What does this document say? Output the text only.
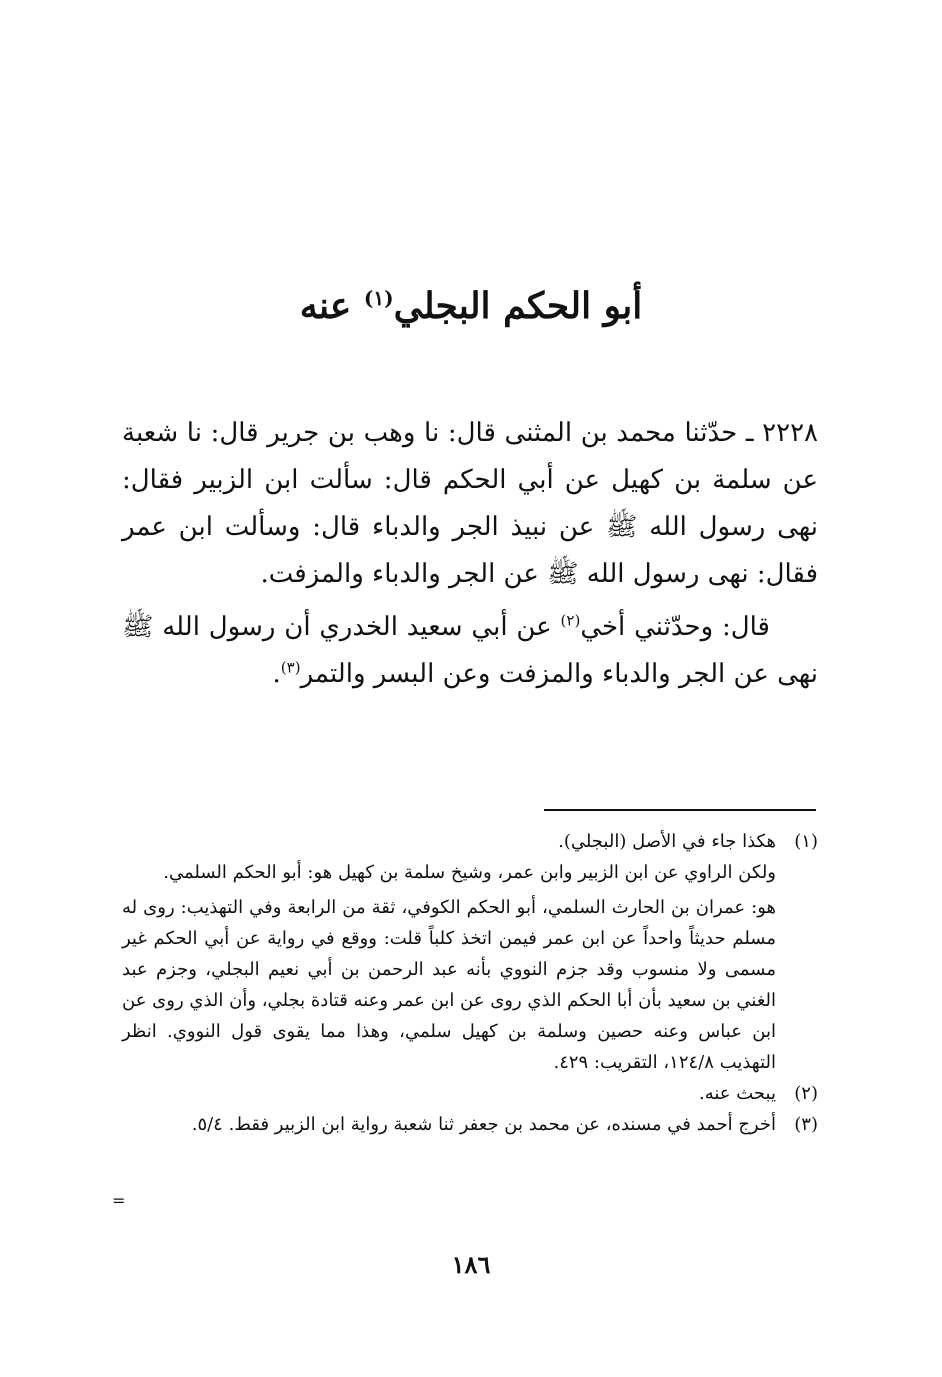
أبو الحكم البجلي$^{(١)}$ عنه

٢٢٢٨ ـ حدّثنا محمد بن المثنى قال: نا وهب بن جرير قال: نا شعبة عن سلمة بن كهيل عن أبي الحكم قال: سألت ابن الزبير فقال: نهى رسول الله ﷺ عن نبيذ الجر والدباء قال: وسألت ابن عمر فقال: نهى رسول الله ﷺ عن الجر والدباء والمزفت.

قال: وحدّثني أخي$^{(٢)}$ عن أبي سعيد الخدري أن رسول الله ﷺ نهى عن الجر والدباء والمزفت وعن البسر والتمر$^{(٣)}$.

(١)
هكذا جاء في الأصل (البجلي).
ولكن الراوي عن ابن الزبير وابن عمر، وشيخ سلمة بن كهيل هو: أبو الحكم السلمي.
هو: عمران بن الحارث السلمي، أبو الحكم الكوفي، ثقة من الرابعة وفي التهذيب: روى له مسلم حديثاً واحداً عن ابن عمر فيمن اتخذ كلباً قلت: ووقع في رواية عن أبي الحكم غير مسمى ولا منسوب وقد جزم النووي بأنه عبد الرحمن بن أبي نعيم البجلي، وجزم عبد الغني بن سعيد بأن أبا الحكم الذي روى عن ابن عمر وعنه قتادة بجلي، وأن الذي روى عن ابن عباس وعنه حصين وسلمة بن كهيل سلمي، وهذا مما يقوى قول النووي. انظر التهذيب ١٢٤/٨، التقريب: ٤٢٩.
(٢)
يبحث عنه.
(٣)
أخرج أحمد في مسنده، عن محمد بن جعفر ثنا شعبة رواية ابن الزبير فقط. ٥/٤.
=
١٨٦
